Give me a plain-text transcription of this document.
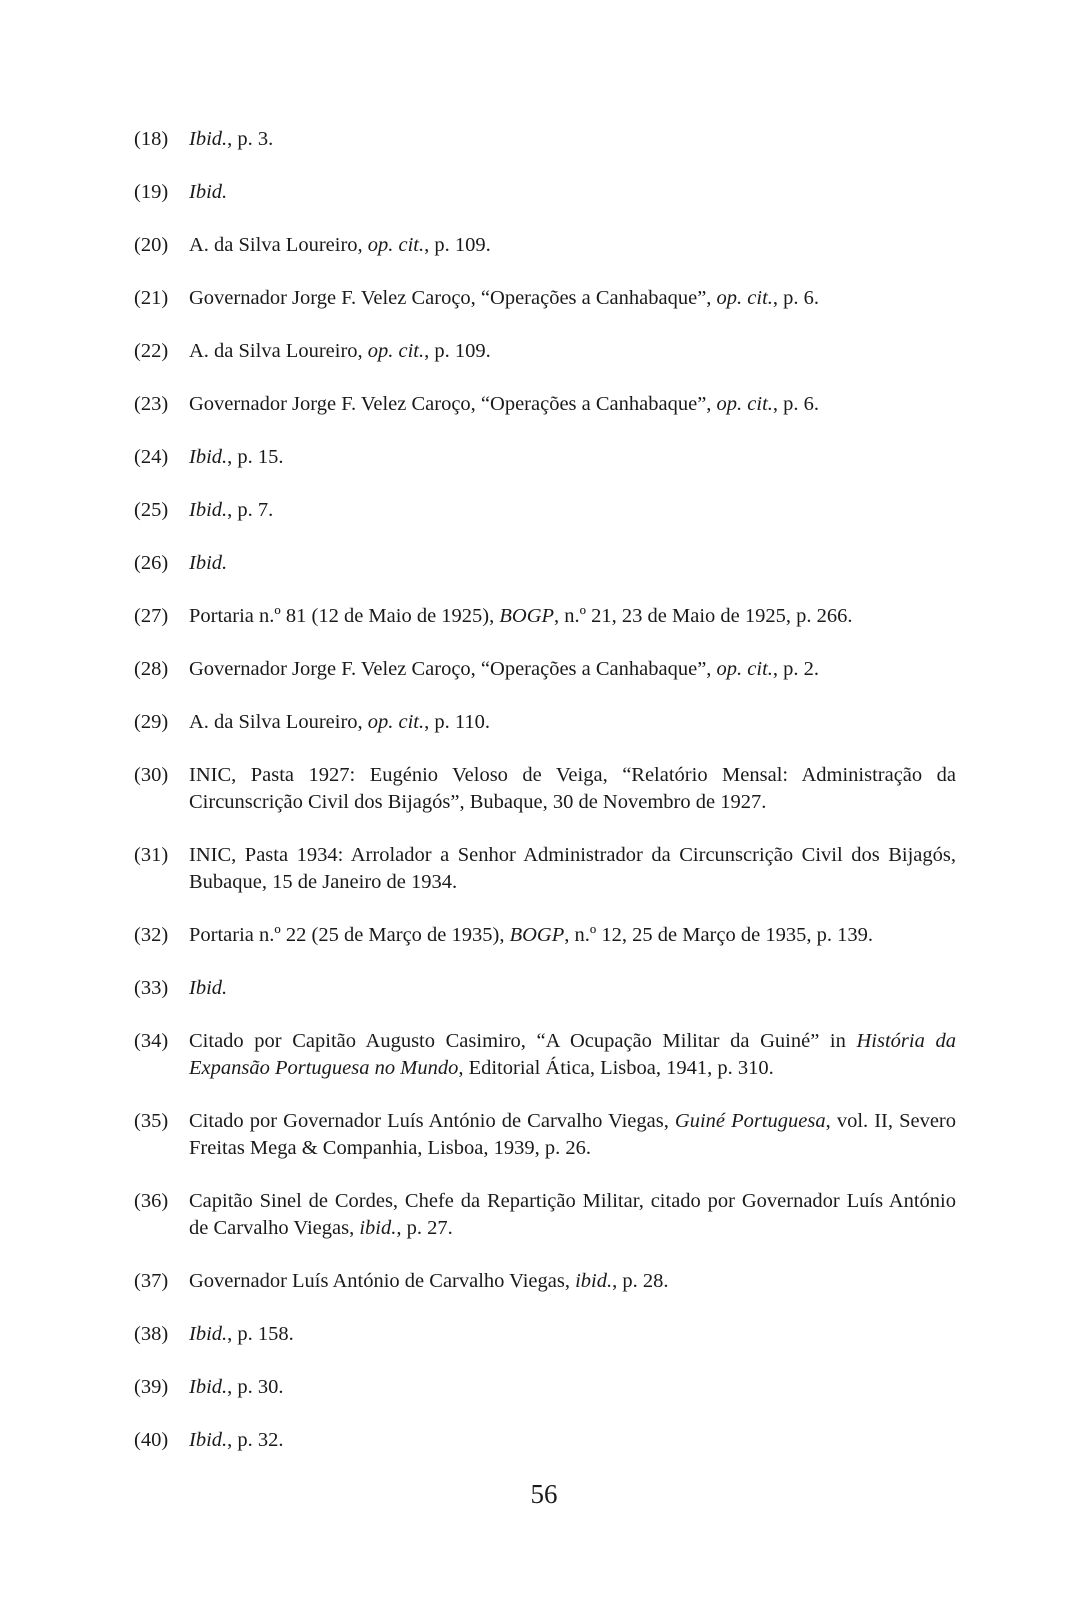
(18)	Ibid., p. 3.
(19)	Ibid.
(20)	A. da Silva Loureiro, op. cit., p. 109.
(21)	Governador Jorge F. Velez Caroço, “Operações a Canhabaque”, op. cit., p. 6.
(22)	A. da Silva Loureiro, op. cit., p. 109.
(23)	Governador Jorge F. Velez Caroço, “Operações a Canhabaque”, op. cit., p. 6.
(24)	Ibid., p. 15.
(25)	Ibid., p. 7.
(26)	Ibid.
(27)	Portaria n.º 81 (12 de Maio de 1925), BOGP, n.º 21, 23 de Maio de 1925, p. 266.
(28)	Governador Jorge F. Velez Caroço, “Operações a Canhabaque”, op. cit., p. 2.
(29)	A. da Silva Loureiro, op. cit., p. 110.
(30)	INIC, Pasta 1927: Eugénio Veloso de Veiga, “Relatório Mensal: Administração da Circunscrição Civil dos Bijagós”, Bubaque, 30 de Novembro de 1927.
(31)	INIC, Pasta 1934: Arrolador a Senhor Administrador da Circunscrição Civil dos Bijagós, Bubaque, 15 de Janeiro de 1934.
(32)	Portaria n.º 22 (25 de Março de 1935), BOGP, n.º 12, 25 de Março de 1935, p. 139.
(33)	Ibid.
(34)	Citado por Capitão Augusto Casimiro, “A Ocupação Militar da Guiné” in História da Expansão Portuguesa no Mundo, Editorial Ática, Lisboa, 1941, p. 310.
(35)	Citado por Governador Luís António de Carvalho Viegas, Guiné Portuguesa, vol. II, Severo Freitas Mega & Companhia, Lisboa, 1939, p. 26.
(36)	Capitão Sinel de Cordes, Chefe da Repartição Militar, citado por Governador Luís António de Carvalho Viegas, ibid., p. 27.
(37)	Governador Luís António de Carvalho Viegas, ibid., p. 28.
(38)	Ibid., p. 158.
(39)	Ibid., p. 30.
(40)	Ibid., p. 32.
56
